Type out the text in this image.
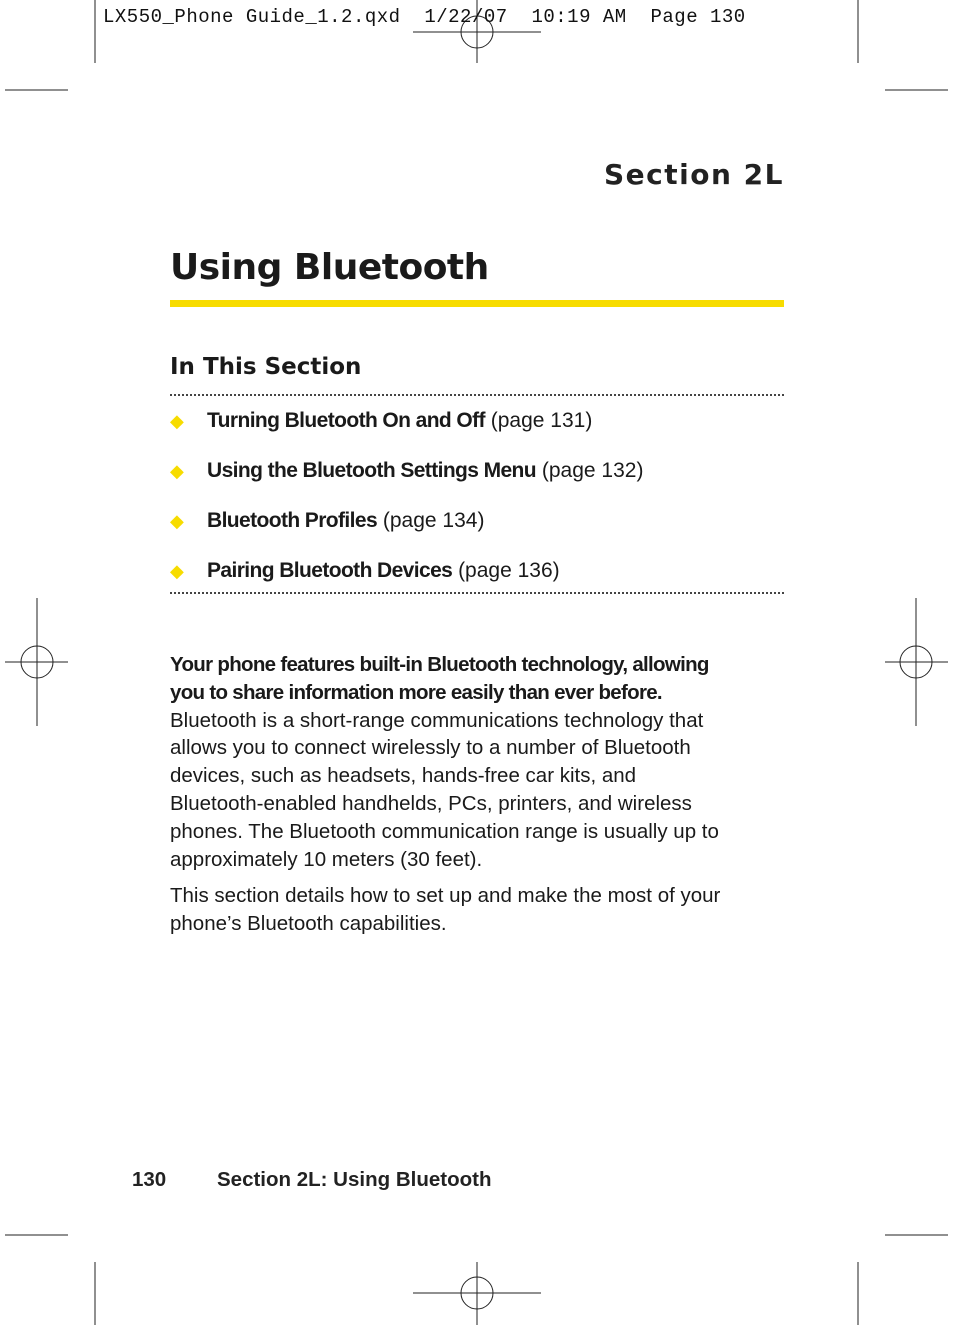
LX550_Phone Guide_1.2.qxd  1/22/07  10:19 AM  Page 130
Section 2L
Using Bluetooth
In This Section
◆ Turning Bluetooth On and Off (page 131)
◆ Using the Bluetooth Settings Menu (page 132)
◆ Bluetooth Profiles (page 134)
◆ Pairing Bluetooth Devices (page 136)

Your phone features built-in Bluetooth technology, allowing you to share information more easily than ever before. Bluetooth is a short-range communications technology that allows you to connect wirelessly to a number of Bluetooth devices, such as headsets, hands-free car kits, and Bluetooth-enabled handhelds, PCs, printers, and wireless phones. The Bluetooth communication range is usually up to approximately 10 meters (30 feet).

This section details how to set up and make the most of your phone’s Bluetooth capabilities.

130 Section 2L: Using Bluetooth
